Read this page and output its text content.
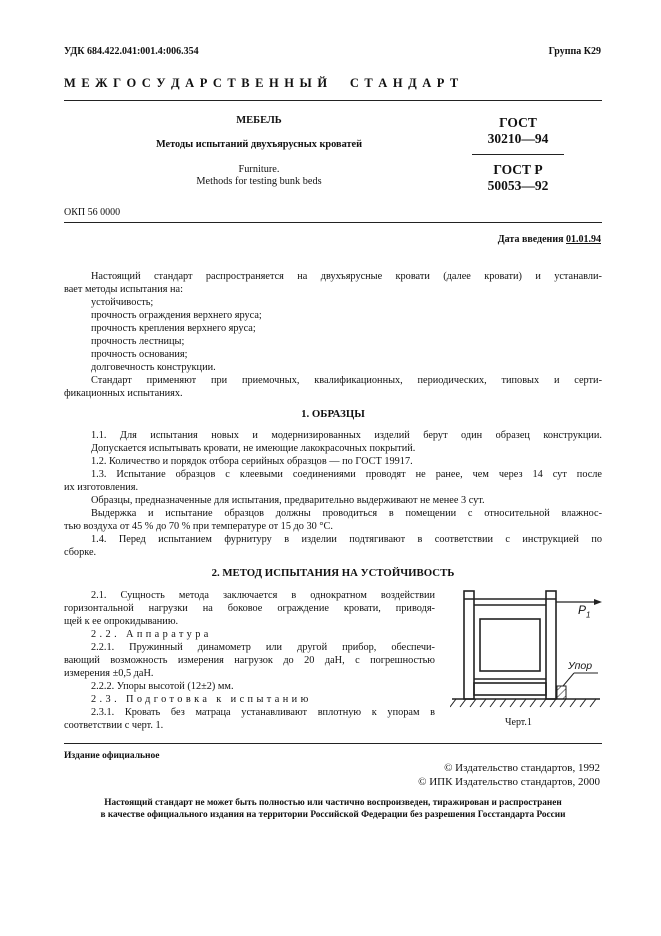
УДК 684.422.041:001.4:006.354	Группа К29
М Е Ж Г О С У Д А Р С Т В Е Н Н Ы Й     С Т А Н Д А Р Т
МЕБЕЛЬ
Методы испытаний двухъярусных кроватей
Furniture.
Methods for testing bunk beds
ГОСТ
30210—94
ГОСТ Р
50053—92
ОКП 56 0000
Дата введения 01.01.94
Настоящий стандарт распространяется на двухъярусные кровати (далее кровати) и устанавли-
вает методы испытания на:
устойчивость;
прочность ограждения верхнего яруса;
прочность крепления верхнего яруса;
прочность лестницы;
прочность основания;
долговечность конструкции.
Стандарт применяют при приемочных, квалификационных, периодических, типовых и серти-
фикационных испытаниях.
1. ОБРАЗЦЫ
1.1. Для испытания новых и модернизированных изделий берут один образец конструкции.
Допускается испытывать кровати, не имеющие лакокрасочных покрытий.
1.2. Количество и порядок отбора серийных образцов — по ГОСТ 19917.
1.3. Испытание образцов с клеевыми соединениями проводят не ранее, чем через 14 сут после
их изготовления.
Образцы, предназначенные для испытания, предварительно выдерживают не менее 3 сут.
Выдержка и испытание образцов должны проводиться в помещении с относительной влажнос-
тью воздуха от 45 % до 70 % при температуре от 15 до 30 °С.
1.4. Перед испытанием фурнитуру в изделии подтягивают в соответствии с инструкцией по
сборке.
2. МЕТОД ИСПЫТАНИЯ НА УСТОЙЧИВОСТЬ
2.1. Сущность метода заключается в однократном воздействии
горизонтальной нагрузки на боковое ограждение кровати, приводя-
щей к ее опрокидыванию.
2.2. Аппаратура
2.2.1. Пружинный динамометр или другой прибор, обеспечи-
вающий возможность измерения нагрузок до 20 даН, с погрешностью
измерения ±0,5 даН.
2.2.2. Упоры высотой (12±2) мм.
2.3. Подготовка к испытанию
2.3.1. Кровать без матраца устанавливают вплотную к упорам в
соответствии с черт. 1.
$P_1$
Упор
Черт.1
Издание официальное
© Издательство стандартов, 1992
© ИПК Издательство стандартов, 2000
Настоящий стандарт не может быть полностью или частично воспроизведен, тиражирован и распространен
в качестве официального издания на территории Российской Федерации без разрешения Госстандарта России
